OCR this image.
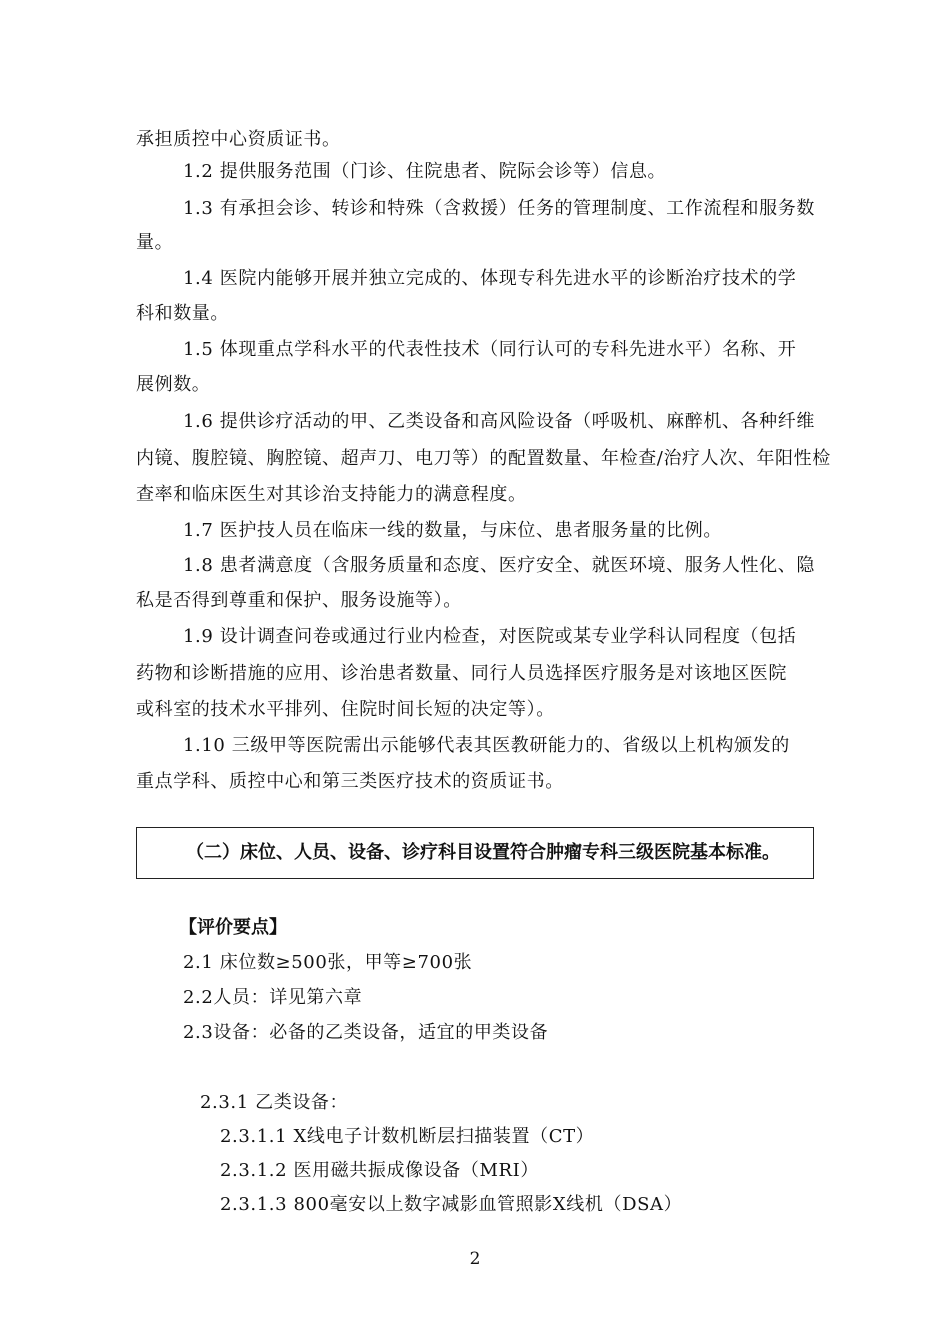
承担质控中心资质证书。
1.2 提供服务范围（门诊、住院患者、院际会诊等）信息。
1.3 有承担会诊、转诊和特殊（含救援）任务的管理制度、工作流程和服务数
量。
1.4 医院内能够开展并独立完成的、体现专科先进水平的诊断治疗技术的学
科和数量。
1.5 体现重点学科水平的代表性技术（同行认可的专科先进水平）名称、开
展例数。
1.6 提供诊疗活动的甲、乙类设备和高风险设备（呼吸机、麻醉机、各种纤维
内镜、腹腔镜、胸腔镜、超声刀、电刀等）的配置数量、年检查/治疗人次、年阳性检
查率和临床医生对其诊治支持能力的满意程度。
1.7 医护技人员在临床一线的数量，与床位、患者服务量的比例。
1.8 患者满意度（含服务质量和态度、医疗安全、就医环境、服务人性化、隐
私是否得到尊重和保护、服务设施等）。
1.9 设计调查问卷或通过行业内检查，对医院或某专业学科认同程度（包括
药物和诊断措施的应用、诊治患者数量、同行人员选择医疗服务是对该地区医院
或科室的技术水平排列、住院时间长短的决定等）。
1.10 三级甲等医院需出示能够代表其医教研能力的、省级以上机构颁发的
重点学科、质控中心和第三类医疗技术的资质证书。
（二）床位、人员、设备、诊疗科目设置符合肿瘤专科三级医院基本标准。
【评价要点】
2.1 床位数≥500张，甲等≥700张
2.2人员：详见第六章
2.3设备：必备的乙类设备，适宜的甲类设备
2.3.1 乙类设备：
2.3.1.1 X线电子计数机断层扫描装置（CT）
2.3.1.2 医用磁共振成像设备（MRI）
2.3.1.3 800毫安以上数字减影血管照影X线机（DSA）
2
